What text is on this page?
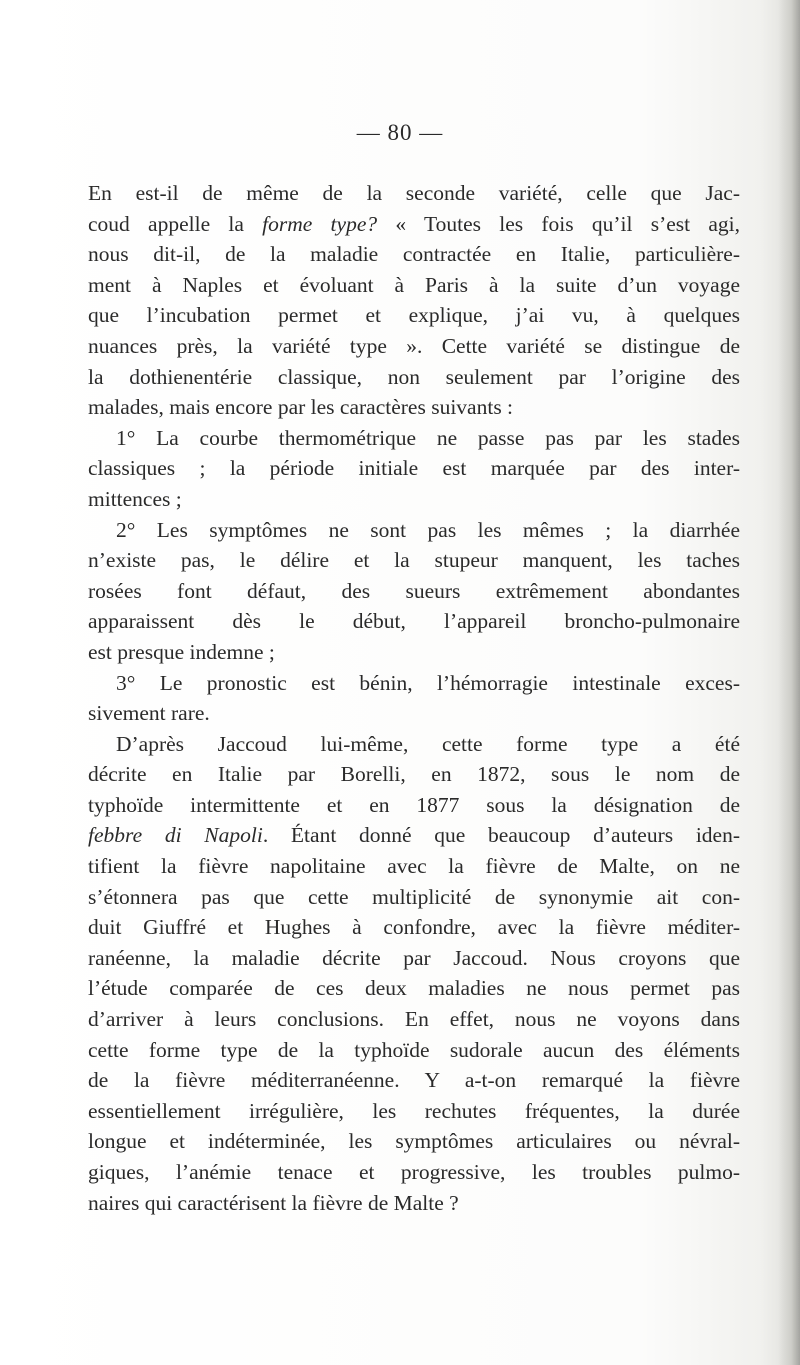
— 80 —
En est-il de même de la seconde variété, celle que Jac-
coud appelle la forme type? « Toutes les fois qu’il s’est agi,
nous dit-il, de la maladie contractée en Italie, particulière-
ment à Naples et évoluant à Paris à la suite d’un voyage
que l’incubation permet et explique, j’ai vu, à quelques
nuances près, la variété type ». Cette variété se distingue de
la dothienentérie classique, non seulement par l’origine des
malades, mais encore par les caractères suivants :
1° La courbe thermométrique ne passe pas par les stades
classiques ; la période initiale est marquée par des inter-
mittences ;
2° Les symptômes ne sont pas les mêmes ; la diarrhée
n’existe pas, le délire et la stupeur manquent, les taches
rosées font défaut, des sueurs extrêmement abondantes
apparaissent dès le début, l’appareil broncho-pulmonaire
est presque indemne ;
3° Le pronostic est bénin, l’hémorragie intestinale exces-
sivement rare.
D’après Jaccoud lui-même, cette forme type a été
décrite en Italie par Borelli, en 1872, sous le nom de
typhoïde intermittente et en 1877 sous la désignation de
febbre di Napoli. Étant donné que beaucoup d’auteurs iden-
tifient la fièvre napolitaine avec la fièvre de Malte, on ne
s’étonnera pas que cette multiplicité de synonymie ait con-
duit Giuffré et Hughes à confondre, avec la fièvre méditer-
ranéenne, la maladie décrite par Jaccoud. Nous croyons que
l’étude comparée de ces deux maladies ne nous permet pas
d’arriver à leurs conclusions. En effet, nous ne voyons dans
cette forme type de la typhoïde sudorale aucun des éléments
de la fièvre méditerranéenne. Y a-t-on remarqué la fièvre
essentiellement irrégulière, les rechutes fréquentes, la durée
longue et indéterminée, les symptômes articulaires ou névral-
giques, l’anémie tenace et progressive, les troubles pulmo-
naires qui caractérisent la fièvre de Malte ?
